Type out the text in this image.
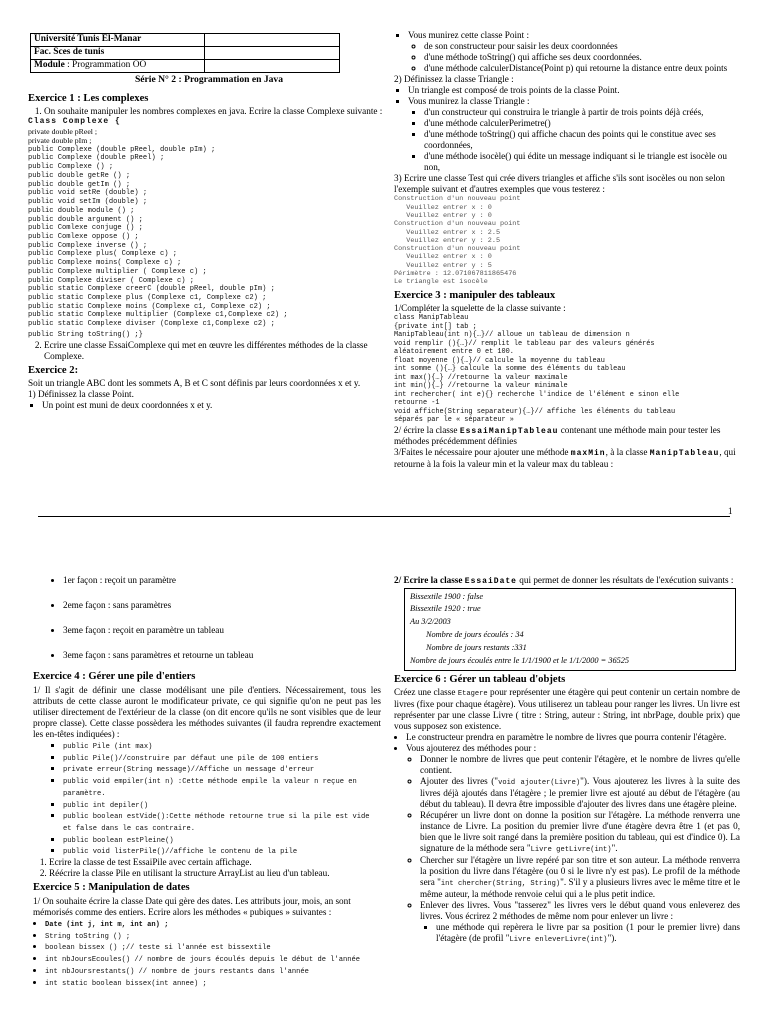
Université Tunis El-Manar	
Fac. Sces de tunis	
Module : Programmation OO	

Série N° 2 : Programmation en Java

Exercice 1 : Les complexes
1. On souhaite manipuler les nombres complexes en java. Ecrire la classe Complexe suivante :
Class Complexe {
private double pReel ;
private double pIm ;
public Complexe (double pReel, double pIm) ;
public Complexe (double pReel) ;
public Complexe () ;
public double getRe () ;
public double getIm () ;
public void setRe (double) ;
public void setIm (double) ;
public double module () ;
public double argument () ;
public Comlexe conjuge () ;
public Comlexe oppose () ;
public Complexe inverse () ;
public Complexe plus( Complexe c) ;
public Complexe moins( Complexe c) ;
public Complexe multiplier ( Complexe c) ;
public Complexe diviser ( Complexe c) ;
public static Complexe creerC (double pReel, double pIm) ;
public static Complexe plus (Complexe c1, Complexe c2) ;
public static Complexe moins (Complexe c1, Complexe c2) ;
public static Complexe multiplier (Complexe c1,Complexe c2) ;
public static Complexe diviser (Complexe c1,Complexe c2) ;
public String toString() ;}
2. Ecrire une classe EssaiComplexe qui met en œuvre les différentes méthodes de la classe Complexe.
Exercice 2:

Soit un triangle ABC dont les sommets A, B et C sont définis par leurs coordonnées x et y.

1) Définissez la classe Point.

▪ Un point est muni de deux coordonnées x et y.
▪ Vous munirez cette classe Point :
◦ de son constructeur pour saisir les deux coordonnées
◦ d'une méthode toString() qui affiche ses deux coordonnées.
◦ d'une méthode calculerDistance(Point p) qui retourne la distance entre deux points

2) Définissez la classe Triangle :

▪ Un triangle est composé de trois points de la classe Point.
▪ Vous munirez la classe Triangle :
▪ d'un constructeur qui construira le triangle à partir de trois points déjà créés,
▪ d'une méthode calculerPerimetre()
▪ d'une méthode toString() qui affiche chacun des points qui le constitue avec ses coordonnées,
▪ d'une méthode isocèle() qui édite un message indiquant si le triangle est isocèle ou non,

3) Ecrire une classe Test qui crée divers triangles et affiche s'ils sont isocèles ou non selon l'exemple suivant et d'autres exemples que vous testerez :

Construction d'un nouveau point
Veuillez entrer x : 0
Veuillez entrer y : 0
Construction d'un nouveau point
Veuillez entrer x : 2.5
Veuillez entrer y : 2.5
Construction d'un nouveau point
Veuillez entrer x : 0
Veuillez entrer y : 5
Périmètre : 12.071067811865476
Le triangle est isocèle
Exercice 3 : manipuler des tableaux

1/Compléter la squelette de la classe suivante :

class ManipTableau
{private int[] tab ;
ManipTableau(int n){…}// alloue un tableau de dimension n
void remplir (){…}// remplit le tableau par des valeurs générés
aléatoirement entre 0 et 100.
float moyenne (){…}// calcule la moyenne du tableau
int somme (){…} calcule la somme des éléments du tableau
int max(){…} //retourne la valeur maximale
int min(){…} //retourne la valeur minimale
int rechercher( int e){} recherche l'indice de l'élément e sinon elle
retourne -1
void affiche(String separateur){…}// affiche les éléments du tableau
séparés par le « séparateur »

2/ écrire la classe EssaiManipTableau contenant une méthode main pour tester les méthodes précédemment définies

3/Faites le nécessaire pour ajouter une méthode maxMin, à la classe ManipTableau, qui retourne à la fois la valeur min et la valeur max du tableau :

1
• 1er façon : reçoit un paramètre
• 2eme façon : sans paramètres
• 3eme façon : reçoit en paramètre un tableau
• 3eme façon : sans paramètres et retourne un tableau
Exercice 4 : Gérer une pile d'entiers

1/ Il s'agit de définir une classe modélisant une pile d'entiers. Nécessairement, tous les attributs de cette classe auront le modificateur private, ce qui signifie qu'on ne peut pas les utiliser directement de l'extérieur de la classe (on dit encore qu'ils ne sont visibles que de leur propre classe). Cette classe possèdera les méthodes suivantes (il faudra reprendre exactement les en-têtes indiquées) :

▪ public Pile (int max)
▪ public Pile()//construire par défaut une pile de 100 entiers
▪ private erreur(String message)//Affiche un message d'erreur
▪ public void empiler(int n) :Cette méthode empile la valeur n reçue en paramètre.
▪ public int depiler()
▪ public boolean estVide():Cette méthode retourne true si la pile est vide et false dans le cas contraire.
▪ public boolean estPleine()
▪ public void listerPile()//affiche le contenu de la pile
1. Ecrire la classe de test EssaiPile avec certain affichage.
2. Réécrire la classe Pile en utilisant la structure ArrayList au lieu d'un tableau.
Exercice 5 : Manipulation de dates

1/ On souhaite écrire la classe Date qui gère des dates. Les attributs jour, mois, an sont mémorisés comme des entiers. Ecrire alors les méthodes « pubiques » suivantes :

• Date (int j, int m, int an) ;
• String toString () ;
• boolean bissex () ;// teste si l'année est bissextile
• int nbJoursEcoules() // nombre de jours écoulés depuis le début de l'année
• int nbJoursrestants() // nombre de jours restants dans l'année
• int static boolean bissex(int annee) ;

2/ Ecrire la classe EssaiDate qui permet de donner les résultats de l'exécution suivants :

Bissextile 1900 : false
Bissextile 1920 : true
Au 3/2/2003
Nombre de jours écoulés : 34
Nombre de jours restants :331
Nombre de jours écoulés entre le 1/1/1900 et le 1/1/2000 = 36525
Exercice 6 : Gérer un tableau d'objets

Créez une classe Etagere pour représenter une étagère qui peut contenir un certain nombre de livres (fixe pour chaque étagère). Vous utiliserez un tableau pour ranger les livres. Un livre est représenter par une classe Livre ( titre : String, auteur : String, int nbrPage, double prix) que vous supposez son existence.

• Le constructeur prendra en paramètre le nombre de livres que pourra contenir l'étagère.
• Vous ajouterez des méthodes pour :
◦ Donner le nombre de livres que peut contenir l'étagère, et le nombre de livres qu'elle contient.
◦ Ajouter des livres ("void ajouter(Livre)"). Vous ajouterez les livres à la suite des livres déjà ajoutés dans l'étagère ; le premier livre est ajouté au début de l'étagère (au début du tableau). Il devra être impossible d'ajouter des livres dans une étagère pleine.
◦ Récupérer un livre dont on donne la position sur l'étagère. La méthode renverra une instance de Livre. La position du premier livre d'une étagère devra être 1 (et pas 0, bien que le livre soit rangé dans la première position du tableau, qui est d'indice 0). La signature de la méthode sera "Livre getLivre(int)".
◦ Chercher sur l'étagère un livre repéré par son titre et son auteur. La méthode renverra la position du livre dans l'étagère (ou 0 si le livre n'y est pas). Le profil de la méthode sera "int chercher(String, String)". S'il y a plusieurs livres avec le même titre et le même auteur, la méthode renvoie celui qui a le plus petit indice.
◦ Enlever des livres. Vous "tasserez" les livres vers le début quand vous enleverez des livres. Vous écrirez 2 méthodes de même nom pour enlever un livre :
▪ une méthode qui repèrera le livre par sa position (1 pour le premier livre) dans l'étagère (de profil "Livre enleverLivre(int)").
